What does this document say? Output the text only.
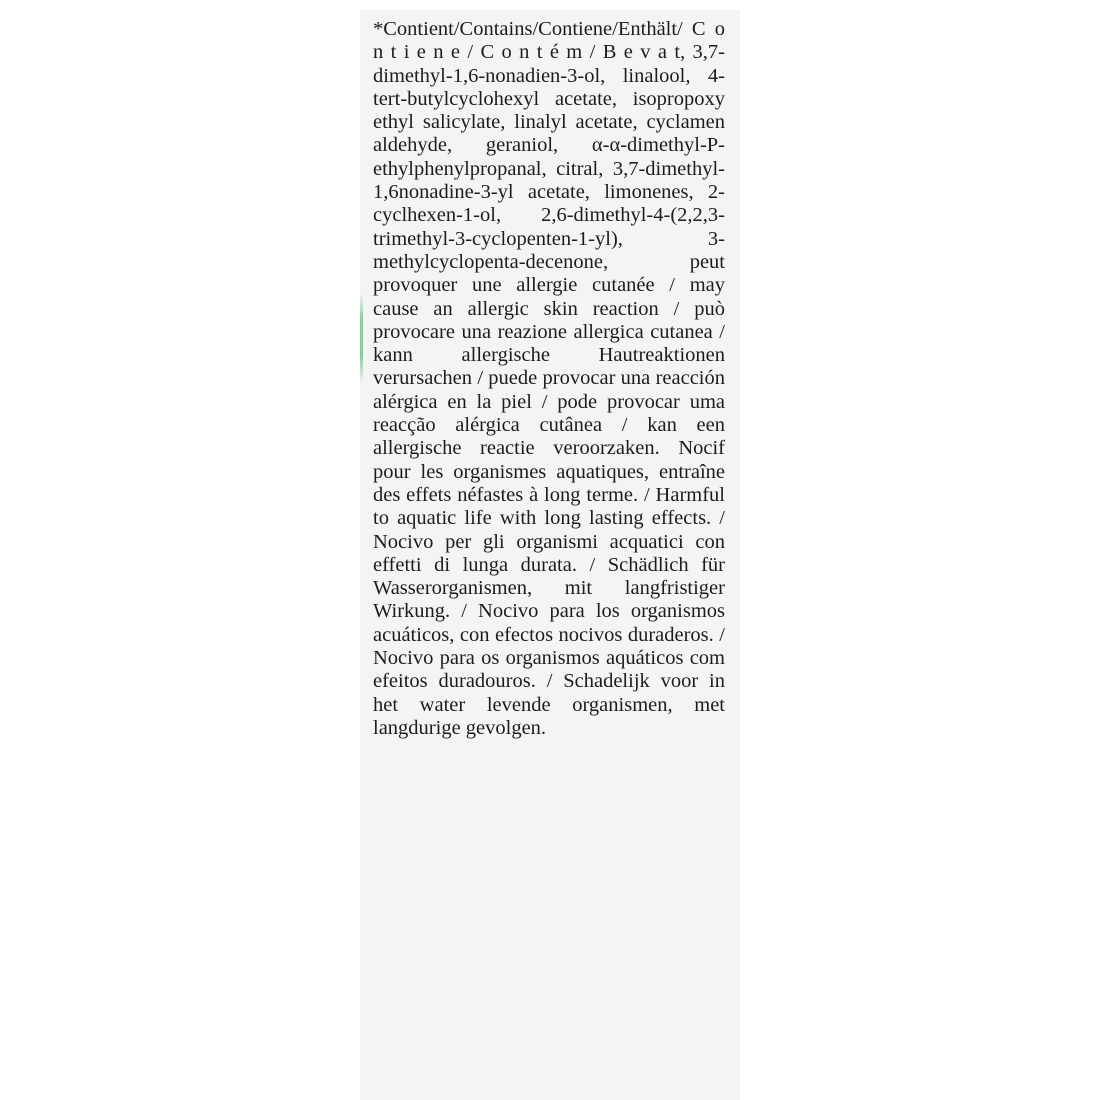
*Contient/Contains/Contiene/Enthält/ C o n t i e n e / C o n t é m / B e v a t, 3,7-dimethyl-1,6-nonadien-3-ol, linalool, 4-tert-butylcyclohexyl acetate, isopropoxy ethyl salicylate, linalyl acetate, cyclamen aldehyde, geraniol, α-α-dimethyl-P-ethylphenylpropanal, citral, 3,7-dimethyl-1,6nonadine-3-yl acetate, limonenes, 2-cyclhexen-1-ol, 2,6-dimethyl-4-(2,2,3-trimethyl-3-cyclopenten-1-yl), 3-methylcyclopenta-decenone, peut provoquer une allergie cutanée / may cause an allergic skin reaction / può provocare una reazione allergica cutanea / kann allergische Hautreaktionen verursachen / puede provocar una reacción alérgica en la piel / pode provocar uma reacção alérgica cutânea / kan een allergische reactie veroorzaken. Nocif pour les organismes aquatiques, entraîne des effets néfastes à long terme. / Harmful to aquatic life with long lasting effects. / Nocivo per gli organismi acquatici con effetti di lunga durata. / Schädlich für Wasserorganismen, mit langfristiger Wirkung. / Nocivo para los organismos acuáticos, con efectos nocivos duraderos. / Nocivo para os organismos aquáticos com efeitos duradouros. / Schadelijk voor in het water levende organismen, met langdurige gevolgen.
